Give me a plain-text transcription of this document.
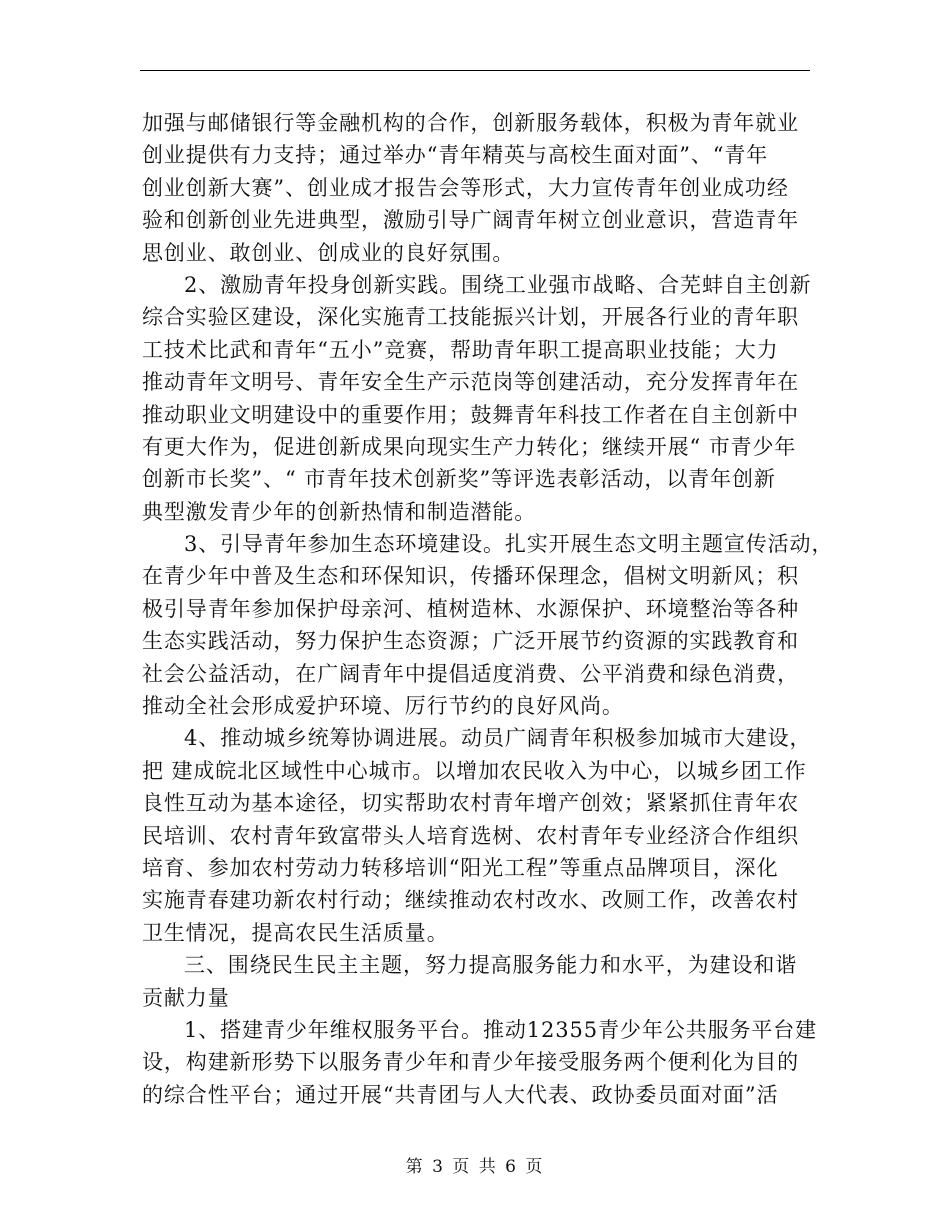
加强与邮储银行等金融机构的合作，创新服务载体，积极为青年就业
创业提供有力支持；通过举办“青年精英与高校生面对面”、“青年
创业创新大赛”、创业成才报告会等形式，大力宣传青年创业成功经
验和创新创业先进典型，激励引导广阔青年树立创业意识，营造青年
思创业、敢创业、创成业的良好氛围。
2、激励青年投身创新实践。围绕工业强市战略、合芜蚌自主创新
综合实验区建设，深化实施青工技能振兴计划，开展各行业的青年职
工技术比武和青年“五小”竞赛，帮助青年职工提高职业技能；大力
推动青年文明号、青年安全生产示范岗等创建活动，充分发挥青年在
推动职业文明建设中的重要作用；鼓舞青年科技工作者在自主创新中
有更大作为，促进创新成果向现实生产力转化；继续开展“ 市青少年
创新市长奖”、“ 市青年技术创新奖”等评选表彰活动，以青年创新
典型激发青少年的创新热情和制造潜能。
3、引导青年参加生态环境建设。扎实开展生态文明主题宣传活动，
在青少年中普及生态和环保知识，传播环保理念，倡树文明新风；积
极引导青年参加保护母亲河、植树造林、水源保护、环境整治等各种
生态实践活动，努力保护生态资源；广泛开展节约资源的实践教育和
社会公益活动，在广阔青年中提倡适度消费、公平消费和绿色消费，
推动全社会形成爱护环境、厉行节约的良好风尚。
4、推动城乡统筹协调进展。动员广阔青年积极参加城市大建设，
把 建成皖北区域性中心城市。以增加农民收入为中心，以城乡团工作
良性互动为基本途径，切实帮助农村青年增产创效；紧紧抓住青年农
民培训、农村青年致富带头人培育选树、农村青年专业经济合作组织
培育、参加农村劳动力转移培训“阳光工程”等重点品牌项目，深化
实施青春建功新农村行动；继续推动农村改水、改厕工作，改善农村
卫生情况，提高农民生活质量。
三、围绕民生民主主题，努力提高服务能力和水平，为建设和谐
贡献力量
1、搭建青少年维权服务平台。推动12355青少年公共服务平台建
设，构建新形势下以服务青少年和青少年接受服务两个便利化为目的
的综合性平台；通过开展“共青团与人大代表、政协委员面对面”活
第 3 页 共 6 页
